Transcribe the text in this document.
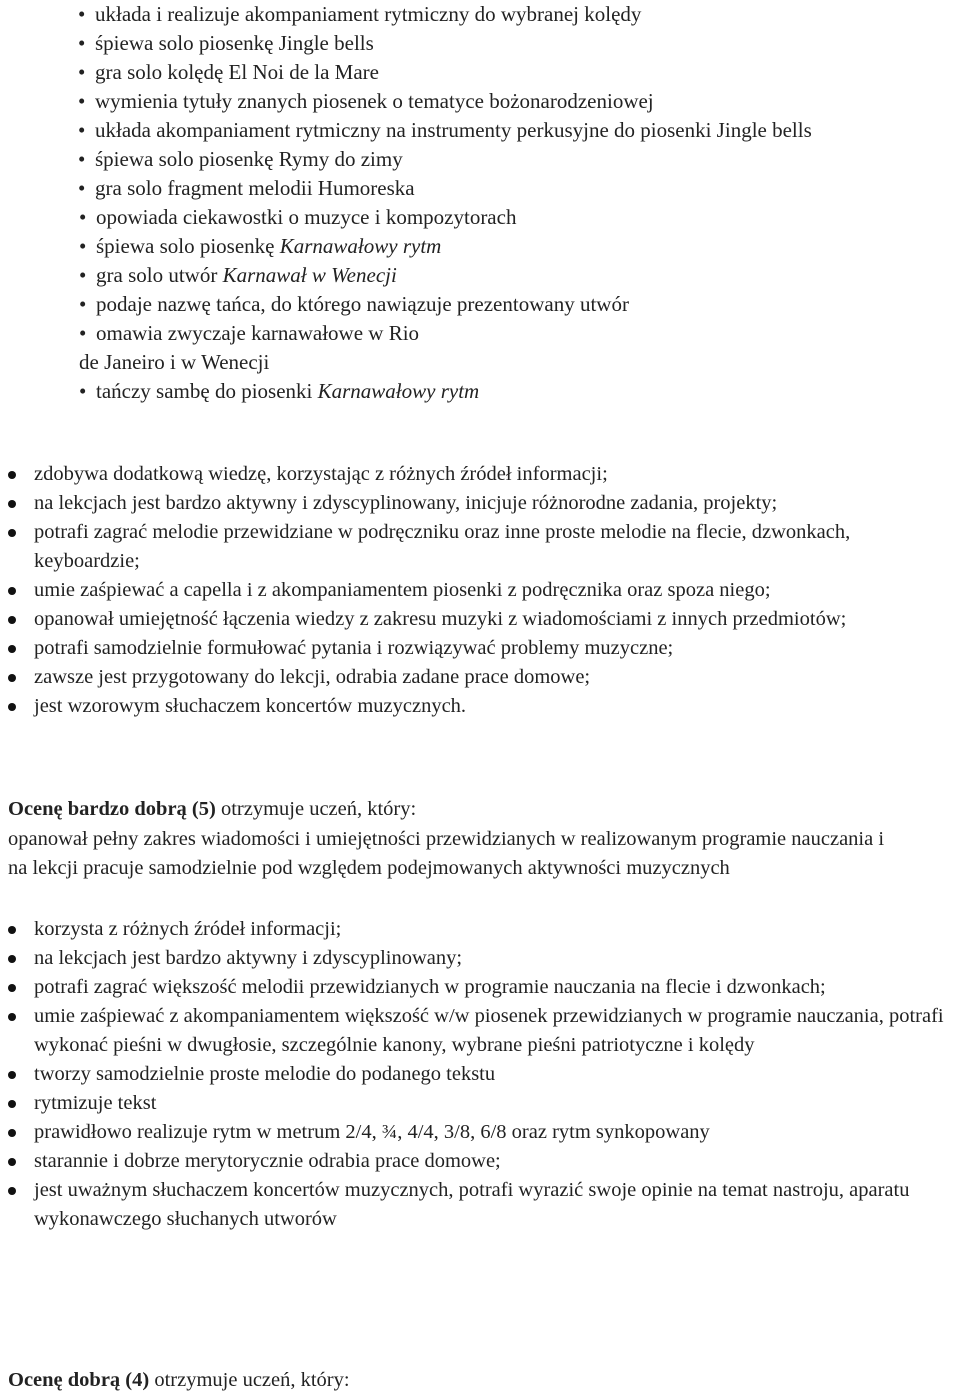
• układa i realizuje akompaniament rytmiczny do wybranej kolędy
• śpiewa solo piosenkę Jingle bells
• gra solo kolędę El Noi de la Mare
• wymienia tytuły znanych piosenek o tematyce bożonarodzeniowej
• układa akompaniament rytmiczny na instrumenty perkusyjne do piosenki Jingle bells
• śpiewa solo piosenkę Rymy do zimy
• gra solo fragment melodii Humoreska
• opowiada ciekawostki o muzyce i kompozytorach
• śpiewa solo piosenkę Karnawałowy rytm
• gra solo utwór Karnawał w Wenecji
• podaje nazwę tańca, do którego nawiązuje prezentowany utwór
• omawia zwyczaje karnawałowe w Rio
de Janeiro i w Wenecji
• tańczy sambę do piosenki Karnawałowy rytm
zdobywa dodatkową wiedzę, korzystając z różnych źródeł informacji;
na lekcjach jest bardzo aktywny i zdyscyplinowany, inicjuje różnorodne zadania, projekty;
potrafi zagrać melodie przewidziane w podręczniku oraz inne proste melodie na flecie, dzwonkach, keyboardzie;
umie zaśpiewać a capella i z akompaniamentem piosenki z podręcznika oraz spoza niego;
opanował umiejętność łączenia wiedzy z zakresu muzyki z wiadomościami z innych przedmiotów;
potrafi samodzielnie formułować pytania i rozwiązywać problemy muzyczne;
zawsze jest przygotowany do lekcji, odrabia zadane prace domowe;
jest wzorowym słuchaczem koncertów muzycznych.
Ocenę bardzo dobrą (5) otrzymuje uczeń, który:
opanował pełny zakres wiadomości i umiejętności przewidzianych w realizowanym programie nauczania i na lekcji pracuje samodzielnie pod względem podejmowanych aktywności muzycznych
korzysta z różnych źródeł informacji;
na lekcjach jest bardzo aktywny i zdyscyplinowany;
potrafi zagrać większość melodii przewidzianych w programie nauczania na flecie i dzwonkach;
umie zaśpiewać z akompaniamentem większość w/w piosenek przewidzianych w programie nauczania, potrafi wykonać pieśni w dwugłosie, szczególnie kanony, wybrane pieśni patriotyczne i kolędy
tworzy samodzielnie proste melodie do podanego tekstu
rytmizuje tekst
prawidłowo realizuje rytm w metrum 2/4, ¾, 4/4, 3/8, 6/8 oraz rytm synkopowany
starannie i dobrze merytorycznie odrabia prace domowe;
jest uważnym słuchaczem koncertów muzycznych, potrafi wyrazić swoje opinie na temat nastroju, aparatu wykonawczego słuchanych utworów
Ocenę dobrą (4) otrzymuje uczeń, który:
